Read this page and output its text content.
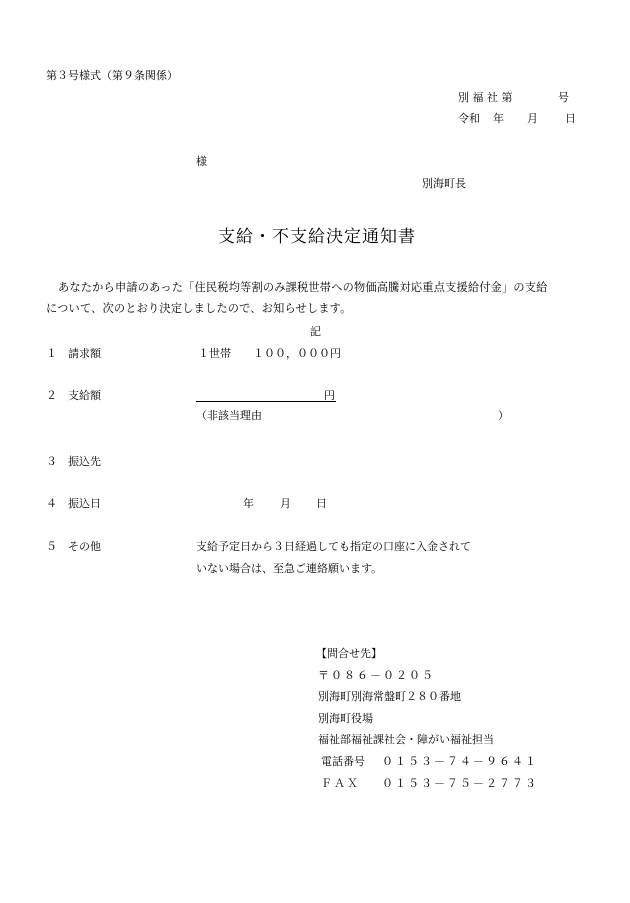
第３号様式（第９条関係）
別 福 社 第	号
令和 年 月 日
様
別海町長
支給・不支給決定通知書
あなたから申請のあった「住民税均等割のみ課税世帯への物価高騰対応重点支援給付金」の支給
について、次のとおり決定しましたので、お知らせします。
記
１ 請求額	１世帯　　１００，０００円
２ 支給額	円
（非該当理由	）
３ 振込先
４ 振込日	年 月 日
５ その他	支給予定日から３日経過しても指定の口座に入金されて
いない場合は、至急ご連絡願います。
【問合せ先】
〒０８６－０２０５
別海町別海常盤町２８０番地
別海町役場
福祉部福祉課社会・障がい福祉担当
電話番号 ０１５３－７４－９６４１
ＦＡＸ ０１５３－７５－２７７３
